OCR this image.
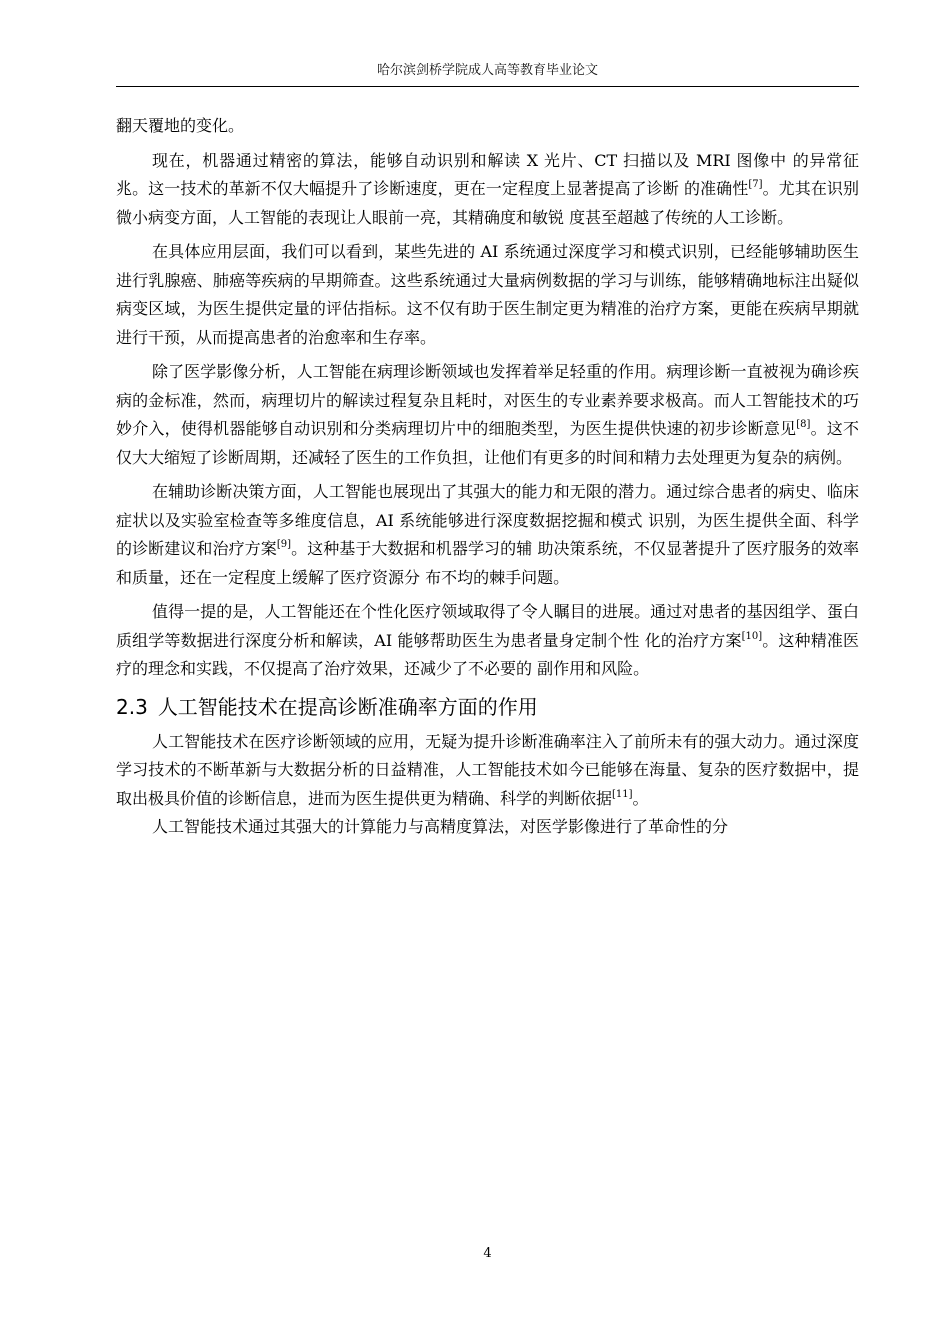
哈尔滨剑桥学院成人高等教育毕业论文

翻天覆地的变化。

现在，机器通过精密的算法，能够自动识别和解读 X 光片、CT 扫描以及 MRI 图像中 的异常征兆。这一技术的革新不仅大幅提升了诊断速度，更在一定程度上显著提高了诊断 的准确性[7]。尤其在识别微小病变方面，人工智能的表现让人眼前一亮，其精确度和敏锐 度甚至超越了传统的人工诊断。

在具体应用层面，我们可以看到，某些先进的 AI 系统通过深度学习和模式识别，已经能够辅助医生进行乳腺癌、肺癌等疾病的早期筛查。这些系统通过大量病例数据的学习与训练，能够精确地标注出疑似病变区域，为医生提供定量的评估指标。这不仅有助于医生制定更为精准的治疗方案，更能在疾病早期就进行干预，从而提高患者的治愈率和生存率。

除了医学影像分析，人工智能在病理诊断领域也发挥着举足轻重的作用。病理诊断一直被视为确诊疾病的金标准，然而，病理切片的解读过程复杂且耗时，对医生的专业素养要求极高。而人工智能技术的巧妙介入，使得机器能够自动识别和分类病理切片中的细胞类型，为医生提供快速的初步诊断意见[8]。这不仅大大缩短了诊断周期，还减轻了医生的工作负担，让他们有更多的时间和精力去处理更为复杂的病例。

在辅助诊断决策方面，人工智能也展现出了其强大的能力和无限的潜力。通过综合患者的病史、临床症状以及实验室检查等多维度信息，AI 系统能够进行深度数据挖掘和模式 识别，为医生提供全面、科学的诊断建议和治疗方案[9]。这种基于大数据和机器学习的辅 助决策系统，不仅显著提升了医疗服务的效率和质量，还在一定程度上缓解了医疗资源分 布不均的棘手问题。

值得一提的是，人工智能还在个性化医疗领域取得了令人瞩目的进展。通过对患者的基因组学、蛋白质组学等数据进行深度分析和解读，AI 能够帮助医生为患者量身定制个性 化的治疗方案[10]。这种精准医疗的理念和实践，不仅提高了治疗效果，还减少了不必要的 副作用和风险。

2.3 人工智能技术在提高诊断准确率方面的作用

人工智能技术在医疗诊断领域的应用，无疑为提升诊断准确率注入了前所未有的强大动力。通过深度学习技术的不断革新与大数据分析的日益精准，人工智能技术如今已能够在海量、复杂的医疗数据中，提取出极具价值的诊断信息，进而为医生提供更为精确、科学的判断依据[11]。

人工智能技术通过其强大的计算能力与高精度算法，对医学影像进行了革命性的分

4
